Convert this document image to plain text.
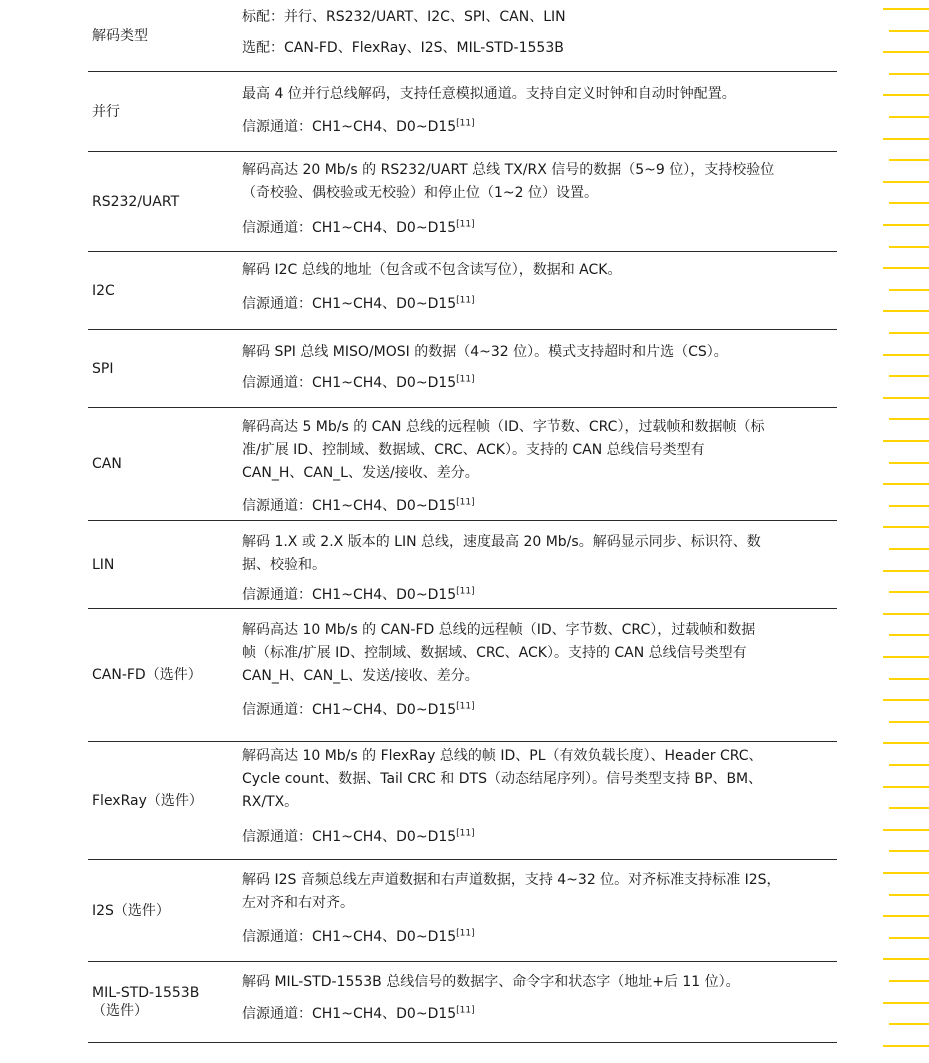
解码类型
标配：并行、RS232/UART、I2C、SPI、CAN、LIN
选配：CAN-FD、FlexRay、I2S、MIL-STD-1553B
并行
最高 4 位并行总线解码，支持任意模拟通道。支持自定义时钟和自动时钟配置。
信源通道：CH1~CH4、D0~D15[11]
RS232/UART
解码高达 20 Mb/s 的 RS232/UART 总线 TX/RX 信号的数据（5~9 位），支持校验位
（奇校验、偶校验或无校验）和停止位（1~2 位）设置。
信源通道：CH1~CH4、D0~D15[11]
I2C
解码 I2C 总线的地址（包含或不包含读写位），数据和 ACK。
信源通道：CH1~CH4、D0~D15[11]
SPI
解码 SPI 总线 MISO/MOSI 的数据（4~32 位）。模式支持超时和片选（CS）。
信源通道：CH1~CH4、D0~D15[11]
CAN
解码高达 5 Mb/s 的 CAN 总线的远程帧（ID、字节数、CRC），过载帧和数据帧（标
准/扩展 ID、控制域、数据域、CRC、ACK）。支持的 CAN 总线信号类型有
CAN_H、CAN_L、发送/接收、差分。
信源通道：CH1~CH4、D0~D15[11]
LIN
解码 1.X 或 2.X 版本的 LIN 总线，速度最高 20 Mb/s。解码显示同步、标识符、数
据、校验和。
信源通道：CH1~CH4、D0~D15[11]
CAN-FD（选件）
解码高达 10 Mb/s 的 CAN-FD 总线的远程帧（ID、字节数、CRC），过载帧和数据
帧（标准/扩展 ID、控制域、数据域、CRC、ACK）。支持的 CAN 总线信号类型有
CAN_H、CAN_L、发送/接收、差分。
信源通道：CH1~CH4、D0~D15[11]
FlexRay（选件）
解码高达 10 Mb/s 的 FlexRay 总线的帧 ID、PL（有效负载长度）、Header CRC、
Cycle count、数据、Tail CRC 和 DTS（动态结尾序列）。信号类型支持 BP、BM、
RX/TX。
信源通道：CH1~CH4、D0~D15[11]
I2S（选件）
解码 I2S 音频总线左声道数据和右声道数据，支持 4~32 位。对齐标准支持标准 I2S，
左对齐和右对齐。
信源通道：CH1~CH4、D0~D15[11]
MIL-STD-1553B
（选件）
解码 MIL-STD-1553B 总线信号的数据字、命令字和状态字（地址+后 11 位）。
信源通道：CH1~CH4、D0~D15[11]
